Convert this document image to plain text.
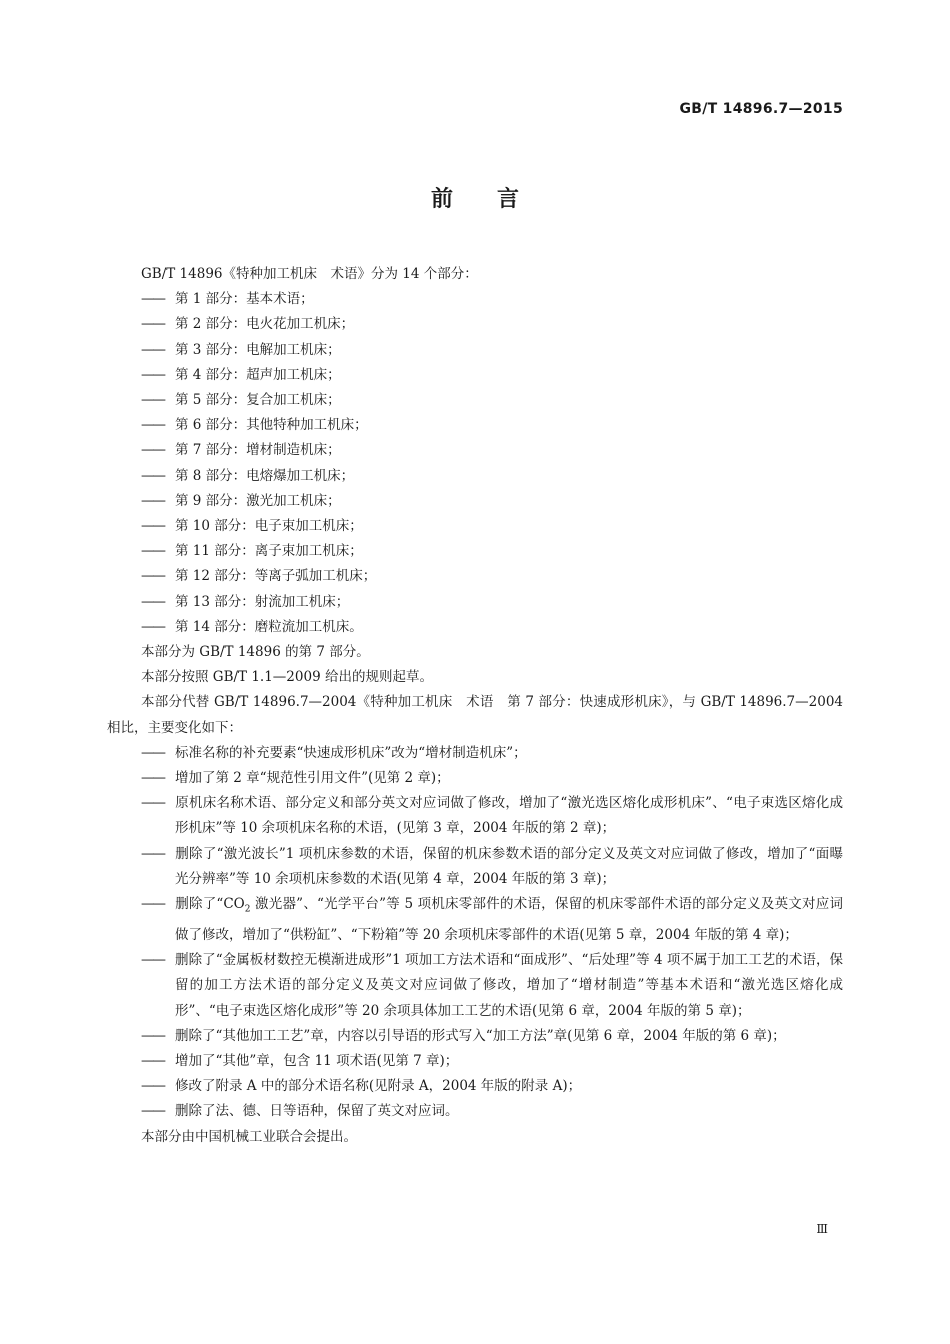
GB/T 14896.7—2015
前言

GB/T 14896《特种加工机床　术语》分为 14 个部分：

—— 第 1 部分：基本术语；

—— 第 2 部分：电火花加工机床；

—— 第 3 部分：电解加工机床；

—— 第 4 部分：超声加工机床；

—— 第 5 部分：复合加工机床；

—— 第 6 部分：其他特种加工机床；

—— 第 7 部分：增材制造机床；

—— 第 8 部分：电熔爆加工机床；

—— 第 9 部分：激光加工机床；

—— 第 10 部分：电子束加工机床；

—— 第 11 部分：离子束加工机床；

—— 第 12 部分：等离子弧加工机床；

—— 第 13 部分：射流加工机床；

—— 第 14 部分：磨粒流加工机床。

本部分为 GB/T 14896 的第 7 部分。

本部分按照 GB/T 1.1—2009 给出的规则起草。

本部分代替 GB/T 14896.7—2004《特种加工机床　术语　第 7 部分：快速成形机床》，与 GB/T 14896.7—2004 相比，主要变化如下：

—— 标准名称的补充要素“快速成形机床”改为“增材制造机床”；

—— 增加了第 2 章“规范性引用文件”(见第 2 章)；

—— 原机床名称术语、部分定义和部分英文对应词做了修改，增加了“激光选区熔化成形机床”、“电子束选区熔化成形机床”等 10 余项机床名称的术语，(见第 3 章，2004 年版的第 2 章)；

—— 删除了“激光波长”1 项机床参数的术语，保留的机床参数术语的部分定义及英文对应词做了修改，增加了“面曝光分辨率”等 10 余项机床参数的术语(见第 4 章，2004 年版的第 3 章)；

—— 删除了“$CO_2$ 激光器”、“光学平台”等 5 项机床零部件的术语，保留的机床零部件术语的部分定义及英文对应词做了修改，增加了“供粉缸”、“下粉箱”等 20 余项机床零部件的术语(见第 5 章，2004 年版的第 4 章)；

—— 删除了“金属板材数控无模渐进成形”1 项加工方法术语和“面成形”、“后处理”等 4 项不属于加工工艺的术语，保留的加工方法术语的部分定义及英文对应词做了修改，增加了“增材制造”等基本术语和“激光选区熔化成形”、“电子束选区熔化成形”等 20 余项具体加工工艺的术语(见第 6 章，2004 年版的第 5 章)；

—— 删除了“其他加工工艺”章，内容以引导语的形式写入“加工方法”章(见第 6 章，2004 年版的第 6 章)；

—— 增加了“其他”章，包含 11 项术语(见第 7 章)；

—— 修改了附录 A 中的部分术语名称(见附录 A，2004 年版的附录 A)；

—— 删除了法、德、日等语种，保留了英文对应词。

本部分由中国机械工业联合会提出。

Ⅲ
